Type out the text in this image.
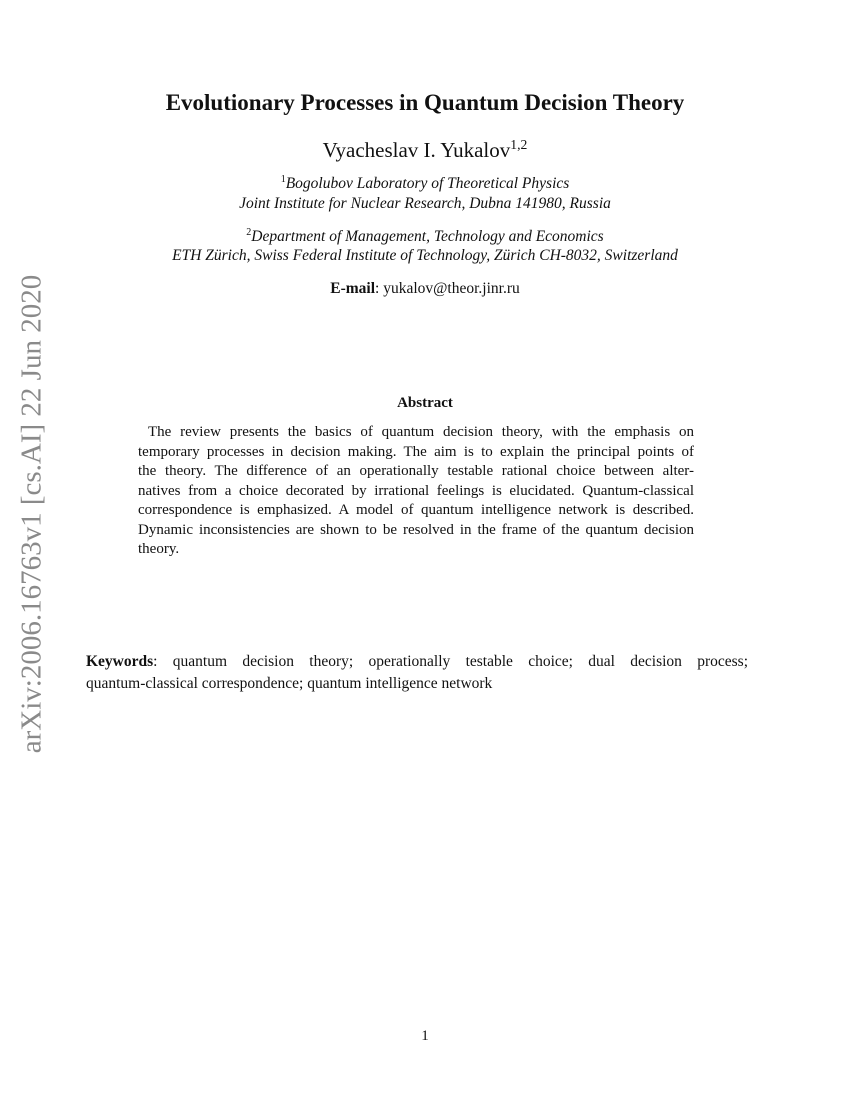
arXiv:2006.16763v1 [cs.AI] 22 Jun 2020
Evolutionary Processes in Quantum Decision Theory
Vyacheslav I. Yukalov$^{1,2}$
$^1$Bogolubov Laboratory of Theoretical Physics
Joint Institute for Nuclear Research, Dubna 141980, Russia
$^2$Department of Management, Technology and Economics
ETH Zürich, Swiss Federal Institute of Technology, Zürich CH-8032, Switzerland
E-mail: yukalov@theor.jinr.ru
Abstract
The review presents the basics of quantum decision theory, with the emphasis on
temporary processes in decision making. The aim is to explain the principal points of
the theory. The difference of an operationally testable rational choice between alter-
natives from a choice decorated by irrational feelings is elucidated. Quantum-classical
correspondence is emphasized. A model of quantum intelligence network is described.
Dynamic inconsistencies are shown to be resolved in the frame of the quantum decision
theory.
Keywords: quantum decision theory; operationally testable choice; dual decision process;
quantum-classical correspondence; quantum intelligence network
1
